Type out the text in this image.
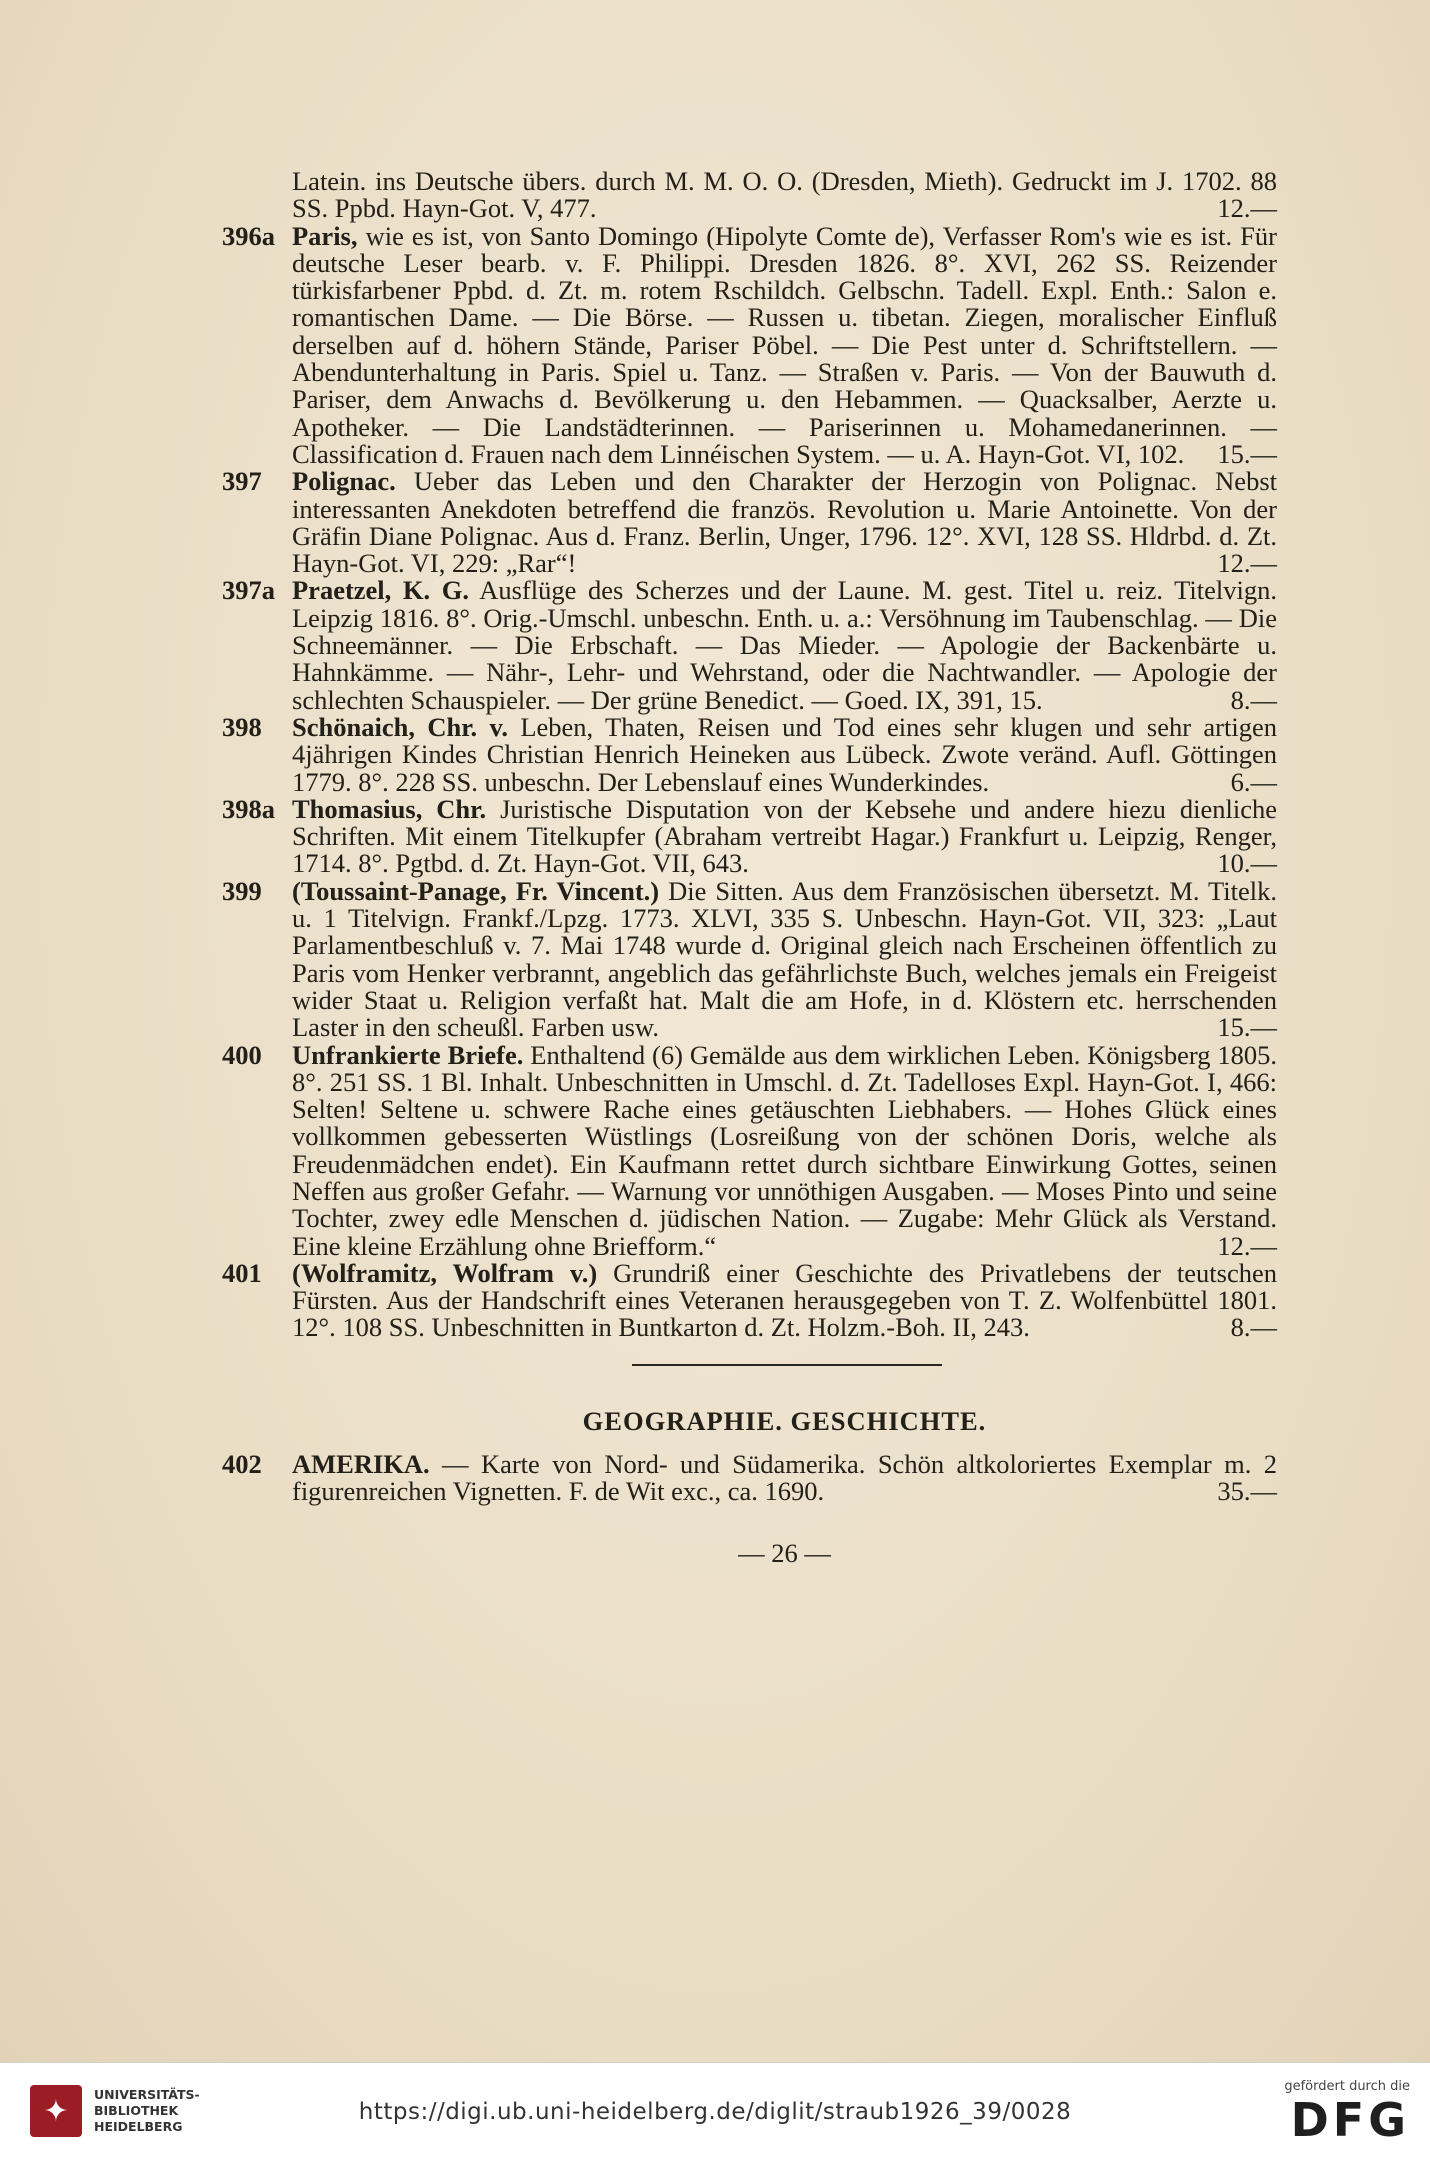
Latein. ins Deutsche übers. durch M. M. O. O. (Dresden, Mieth). Gedruckt im J. 1702. 88 SS. Ppbd. Hayn-Got. V, 477.	12.—

396a Paris, wie es ist, von Santo Domingo (Hipolyte Comte de), Verfasser Rom's wie es ist. Für deutsche Leser bearb. v. F. Philippi. Dresden 1826. 8°. XVI, 262 SS. Reizender türkisfarbener Ppbd. d. Zt. m. rotem Rschildch. Gelbschn. Tadell. Expl. Enth.: Salon e. romantischen Dame. — Die Börse. — Russen u. tibetan. Ziegen, moralischer Einfluß derselben auf d. höhern Stände, Pariser Pöbel. — Die Pest unter d. Schriftstellern. — Abendunterhaltung in Paris. Spiel u. Tanz. — Straßen v. Paris. — Von der Bauwuth d. Pariser, dem Anwachs d. Bevölkerung u. den Hebammen. — Quacksalber, Aerzte u. Apotheker. — Die Landstädterinnen. — Pariserinnen u. Mohamedanerinnen. — Classification d. Frauen nach dem Linnéischen System. — u. A. Hayn-Got. VI, 102. 15.—

397 Polignac. Ueber das Leben und den Charakter der Herzogin von Polignac. Nebst interessanten Anekdoten betreffend die französ. Revolution u. Marie Antoinette. Von der Gräfin Diane Polignac. Aus d. Franz. Berlin, Unger, 1796. 12°. XVI, 128 SS. Hldrbd. d. Zt. Hayn-Got. VI, 229: „Rar“!	12.—

397a Praetzel, K. G. Ausflüge des Scherzes und der Laune. M. gest. Titel u. reiz. Titelvign. Leipzig 1816. 8°. Orig.-Umschl. unbeschn. Enth. u. a.: Versöhnung im Taubenschlag. — Die Schneemänner. — Die Erbschaft. — Das Mieder. — Apologie der Backenbärte u. Hahnkämme. — Nähr-, Lehr- und Wehrstand, oder die Nachtwandler. — Apologie der schlechten Schauspieler. — Der grüne Benedict. — Goed. IX, 391, 15.	8.—

398 Schönaich, Chr. v. Leben, Thaten, Reisen und Tod eines sehr klugen und sehr artigen 4jährigen Kindes Christian Henrich Heineken aus Lübeck. Zwote veränd. Aufl. Göttingen 1779. 8°. 228 SS. unbeschn. Der Lebenslauf eines Wunderkindes.	6.—

398a Thomasius, Chr. Juristische Disputation von der Kebsehe und andere hiezu dienliche Schriften. Mit einem Titelkupfer (Abraham vertreibt Hagar.) Frankfurt u. Leipzig, Renger, 1714. 8°. Pgtbd. d. Zt. Hayn-Got. VII, 643.	10.—

399 (Toussaint-Panage, Fr. Vincent.) Die Sitten. Aus dem Französischen übersetzt. M. Titelk. u. 1 Titelvign. Frankf./Lpzg. 1773. XLVI, 335 S. Unbeschn. Hayn-Got. VII, 323: „Laut Parlamentbeschluß v. 7. Mai 1748 wurde d. Original gleich nach Erscheinen öffentlich zu Paris vom Henker verbrannt, angeblich das gefährlichste Buch, welches jemals ein Freigeist wider Staat u. Religion verfaßt hat. Malt die am Hofe, in d. Klöstern etc. herrschenden Laster in den scheußl. Farben usw.	15.—

400 Unfrankierte Briefe. Enthaltend (6) Gemälde aus dem wirklichen Leben. Königsberg 1805. 8°. 251 SS. 1 Bl. Inhalt. Unbeschnitten in Umschl. d. Zt. Tadelloses Expl. Hayn-Got. I, 466: Selten! Seltene u. schwere Rache eines getäuschten Liebhabers. — Hohes Glück eines vollkommen gebesserten Wüstlings (Losreißung von der schönen Doris, welche als Freudenmädchen endet). Ein Kaufmann rettet durch sichtbare Einwirkung Gottes, seinen Neffen aus großer Gefahr. — Warnung vor unnöthigen Ausgaben. — Moses Pinto und seine Tochter, zwey edle Menschen d. jüdischen Nation. — Zugabe: Mehr Glück als Verstand. Eine kleine Erzählung ohne Briefform.“	12.—

401 (Wolframitz, Wolfram v.) Grundriß einer Geschichte des Privatlebens der teutschen Fürsten. Aus der Handschrift eines Veteranen herausgegeben von T. Z. Wolfenbüttel 1801. 12°. 108 SS. Unbeschnitten in Buntkarton d. Zt. Holzm.-Boh. II, 243.	8.—

GEOGRAPHIE. GESCHICHTE.

402 AMERIKA. — Karte von Nord- und Südamerika. Schön altkoloriertes Exemplar m. 2 figurenreichen Vignetten. F. de Wit exc., ca. 1690.	35.—

— 26 —
✦	UNIVERSITÄTS-
BIBLIOTHEK
HEIDELBERG
https://digi.ub.uni-heidelberg.de/diglit/straub1926_39/0028
gefördert durch die
DFG
